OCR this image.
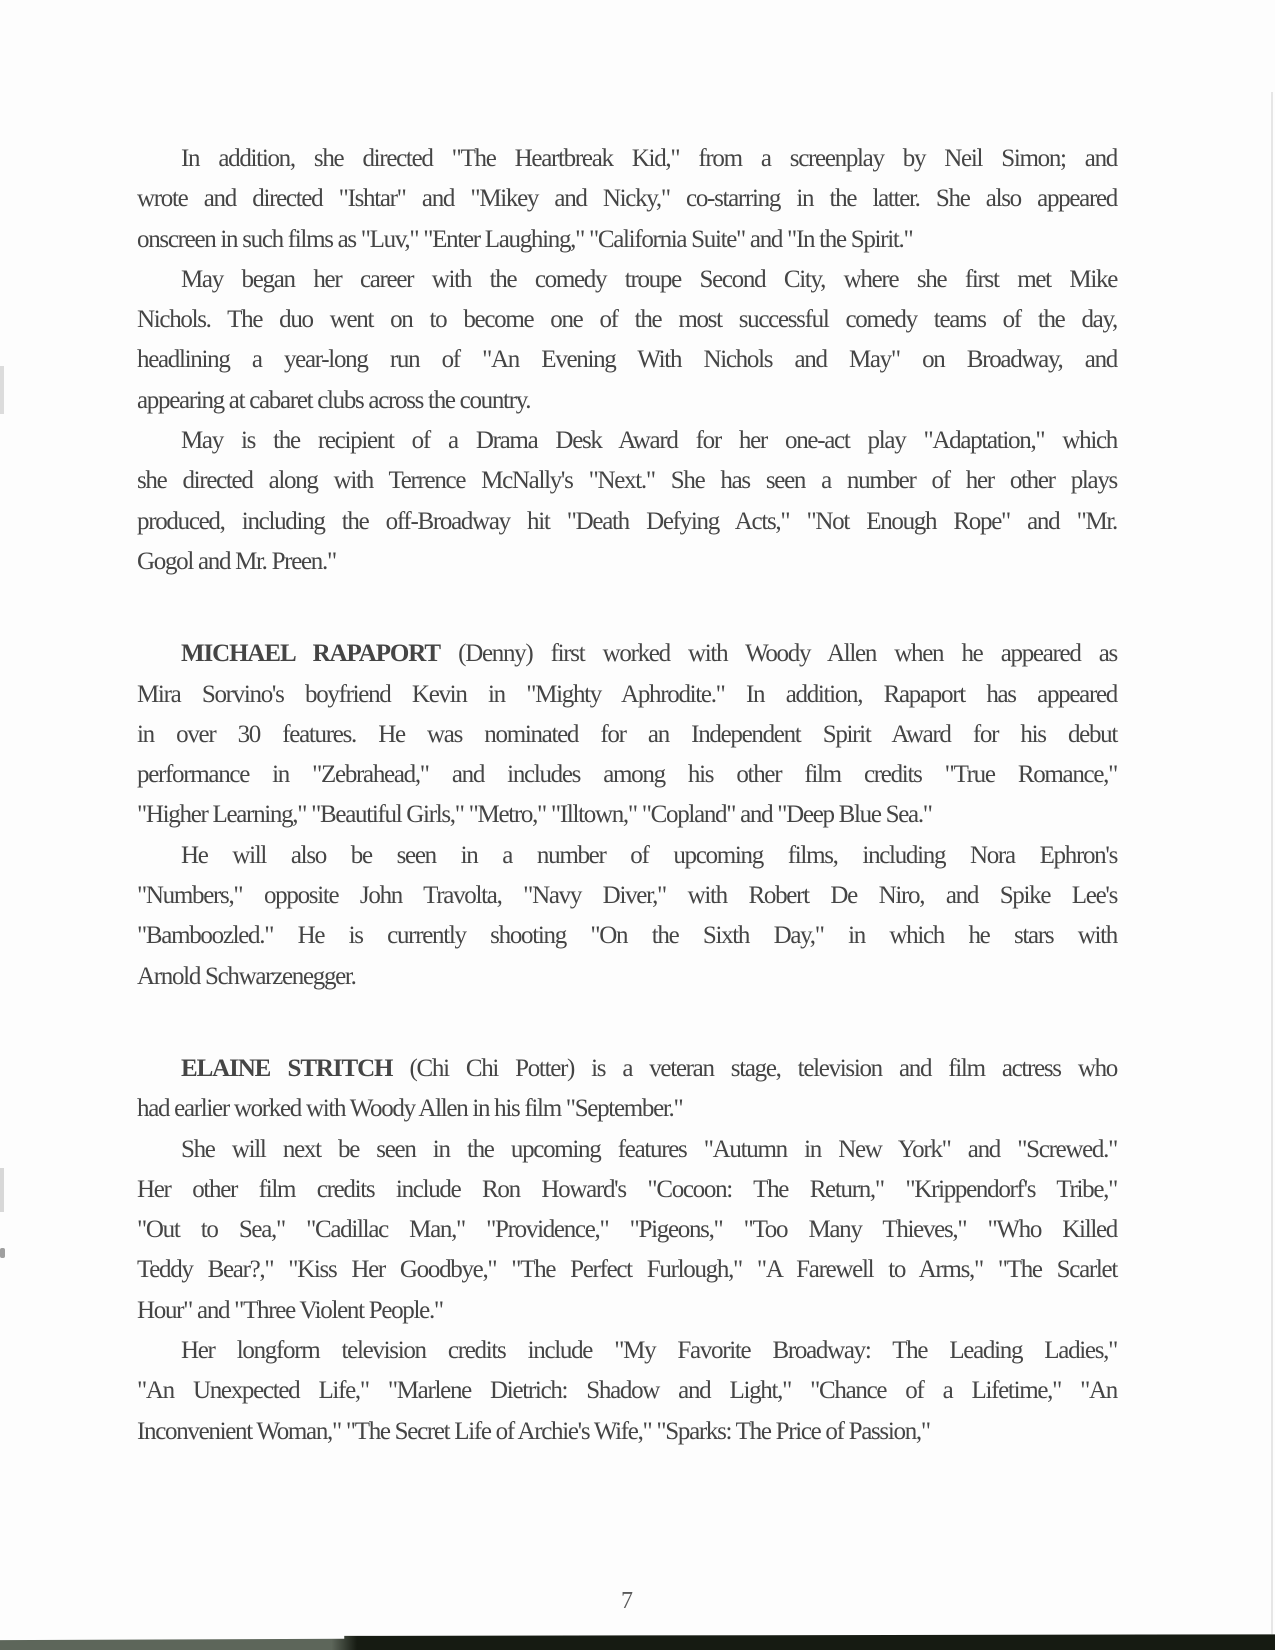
In addition, she directed "The Heartbreak Kid," from a screenplay by Neil Simon; and
wrote and directed "Ishtar" and "Mikey and Nicky," co-starring in the latter. She also appeared
onscreen in such films as "Luv," "Enter Laughing," "California Suite" and "In the Spirit."
May began her career with the comedy troupe Second City, where she first met Mike
Nichols. The duo went on to become one of the most successful comedy teams of the day,
headlining a year-long run of "An Evening With Nichols and May" on Broadway, and
appearing at cabaret clubs across the country.
May is the recipient of a Drama Desk Award for her one-act play "Adaptation," which
she directed along with Terrence McNally's "Next." She has seen a number of her other plays
produced, including the off-Broadway hit "Death Defying Acts," "Not Enough Rope" and "Mr.
Gogol and Mr. Preen."
MICHAEL RAPAPORT (Denny) first worked with Woody Allen when he appeared as
Mira Sorvino's boyfriend Kevin in "Mighty Aphrodite." In addition, Rapaport has appeared
in over 30 features. He was nominated for an Independent Spirit Award for his debut
performance in "Zebrahead," and includes among his other film credits "True Romance,"
"Higher Learning," "Beautiful Girls," "Metro," "Illtown," "Copland" and "Deep Blue Sea."
He will also be seen in a number of upcoming films, including Nora Ephron's
"Numbers," opposite John Travolta, "Navy Diver," with Robert De Niro, and Spike Lee's
"Bamboozled." He is currently shooting "On the Sixth Day," in which he stars with
Arnold Schwarzenegger.
ELAINE STRITCH (Chi Chi Potter) is a veteran stage, television and film actress who
had earlier worked with Woody Allen in his film "September."
She will next be seen in the upcoming features "Autumn in New York" and "Screwed."
Her other film credits include Ron Howard's "Cocoon: The Return," "Krippendorf's Tribe,"
"Out to Sea," "Cadillac Man," "Providence," "Pigeons," "Too Many Thieves," "Who Killed
Teddy Bear?," "Kiss Her Goodbye," "The Perfect Furlough," "A Farewell to Arms," "The Scarlet
Hour" and "Three Violent People."
Her longform television credits include "My Favorite Broadway: The Leading Ladies,"
"An Unexpected Life," "Marlene Dietrich: Shadow and Light," "Chance of a Lifetime," "An
Inconvenient Woman," "The Secret Life of Archie's Wife," "Sparks: The Price of Passion,"
7
